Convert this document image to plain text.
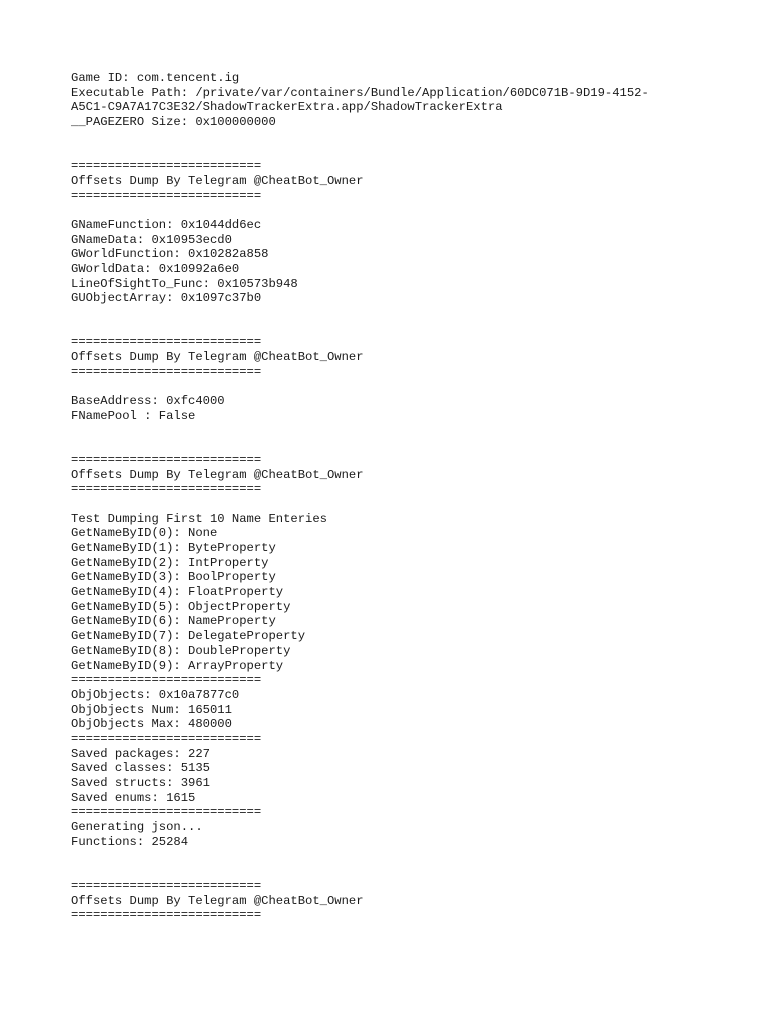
Game ID: com.tencent.ig
Executable Path: /private/var/containers/Bundle/Application/60DC071B-9D19-4152-
A5C1-C9A7A17C3E32/ShadowTrackerExtra.app/ShadowTrackerExtra
__PAGEZERO Size: 0x100000000
==========================
Offsets Dump By Telegram @CheatBot_Owner
==========================
GNameFunction: 0x1044dd6ec
GNameData: 0x10953ecd0
GWorldFunction: 0x10282a858
GWorldData: 0x10992a6e0
LineOfSightTo_Func: 0x10573b948
GUObjectArray: 0x1097c37b0
==========================
Offsets Dump By Telegram @CheatBot_Owner
==========================
BaseAddress: 0xfc4000
FNamePool : False
==========================
Offsets Dump By Telegram @CheatBot_Owner
==========================
Test Dumping First 10 Name Enteries
GetNameByID(0): None
GetNameByID(1): ByteProperty
GetNameByID(2): IntProperty
GetNameByID(3): BoolProperty
GetNameByID(4): FloatProperty
GetNameByID(5): ObjectProperty
GetNameByID(6): NameProperty
GetNameByID(7): DelegateProperty
GetNameByID(8): DoubleProperty
GetNameByID(9): ArrayProperty
==========================
ObjObjects: 0x10a7877c0
ObjObjects Num: 165011
ObjObjects Max: 480000
==========================
Saved packages: 227
Saved classes: 5135
Saved structs: 3961
Saved enums: 1615
==========================
Generating json...
Functions: 25284
==========================
Offsets Dump By Telegram @CheatBot_Owner
==========================
